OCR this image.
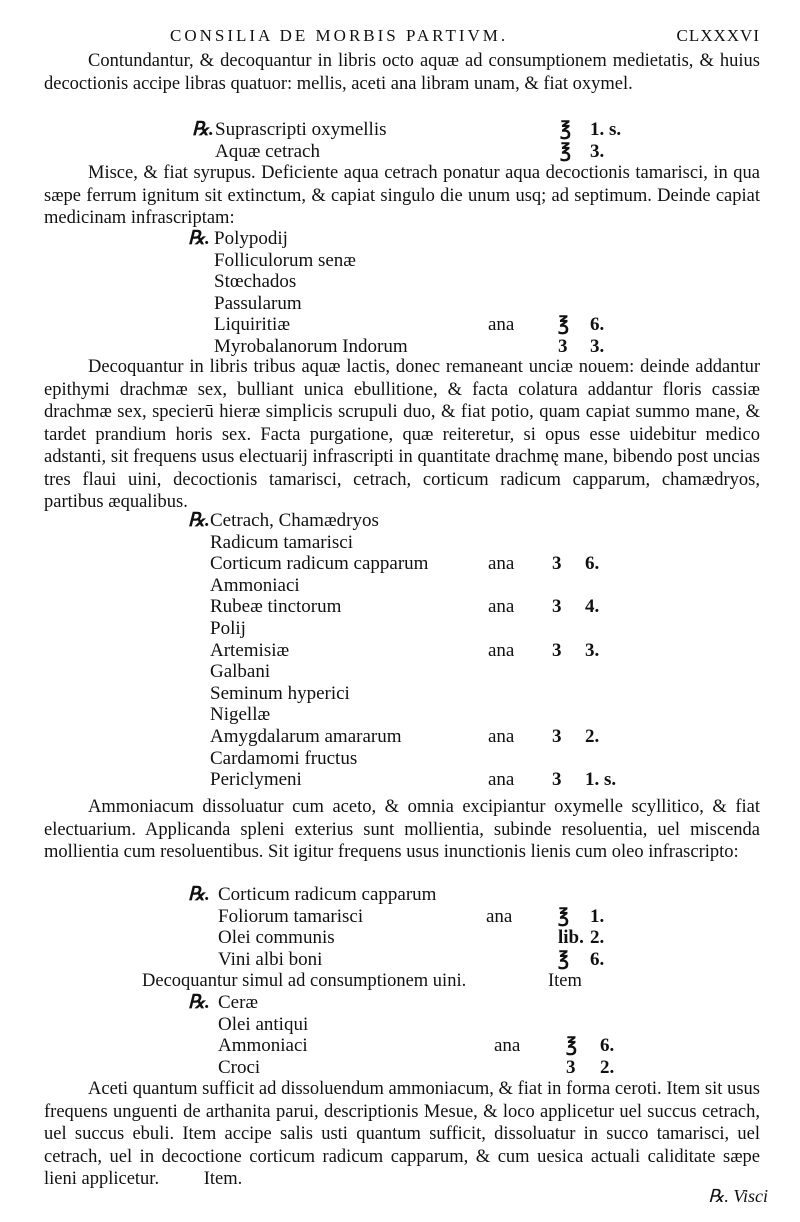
CONSILIA DE MORBIS PARTIVM.	CLXXXVI

Contundantur, & decoquantur in libris octo aquæ ad consumptionem medietatis, & huius decoctionis accipe libras quatuor: mellis, aceti ana libram unam, & fiat oxymel.

℞. Suprascripti oxymellis	℥ 1. s.
Aquæ cetrach	℥ 3.

Misce, & fiat syrupus. Deficiente aqua cetrach ponatur aqua decoctionis tamarisci, in qua sæpe ferrum ignitum sit extinctum, & capiat singulo die unum usq; ad septimum. Deinde capiat medicinam infrascriptam:

℞. Polypodij
Folliculorum senæ
Stœchados
Passularum
Liquiritiæ	ana ℥ 6.
Myrobalanorum Indorum	3 3.

Decoquantur in libris tribus aquæ lactis, donec remaneant unciæ nouem: deinde addantur epithymi drachmæ sex, bulliant unica ebullitione, & facta colatura addantur floris cassiæ drachmæ sex, specierū hieræ simplicis scrupuli duo, & fiat potio, quam capiat summo mane, & tardet prandium horis sex. Facta purgatione, quæ reiteretur, si opus esse uidebitur medico adstanti, sit frequens usus electuarij infrascripti in quantitate drachmę mane, bibendo post uncias tres flaui uini, decoctionis tamarisci, cetrach, corticum radicum capparum, chamædryos, partibus æqualibus.

℞. Cetrach, Chamædryos
Radicum tamarisci
Corticum radicum capparum	ana 3 6.
Ammoniaci
Rubeæ tinctorum	ana 3 4.
Polij
Artemisiæ	ana 3 3.
Galbani
Seminum hyperici
Nigellæ
Amygdalarum amararum	ana 3 2.
Cardamomi fructus
Periclymeni	ana 3 1. s.

Ammoniacum dissoluatur cum aceto, & omnia excipiantur oxymelle scyllitico, & fiat electuarium. Applicanda spleni exterius sunt mollientia, subinde resoluentia, uel miscenda mollientia cum resoluentibus. Sit igitur frequens usus inunctionis lienis cum oleo infrascripto:

℞. Corticum radicum capparum
Foliorum tamarisci	ana ℥ 1.
Olei communis	lib. 2.
Vini albi boni	℥ 6.
Decoquantur simul ad consumptionem uini.	Item
℞. Ceræ
Olei antiqui
Ammoniaci	ana ℥ 6.
Croci	3 2.

Aceti quantum sufficit ad dissoluendum ammoniacum, & fiat in forma ceroti. Item sit usus frequens unguenti de arthanita parui, descriptionis Mesue, & loco applicetur uel succus cetrach, uel succus ebuli. Item accipe salis usti quantum sufficit, dissoluatur in succo tamarisci, uel cetrach, uel in decoctione corticum radicum capparum, & cum uesica actuali caliditate sæpe lieni applicetur. Item.

℞. Visci
